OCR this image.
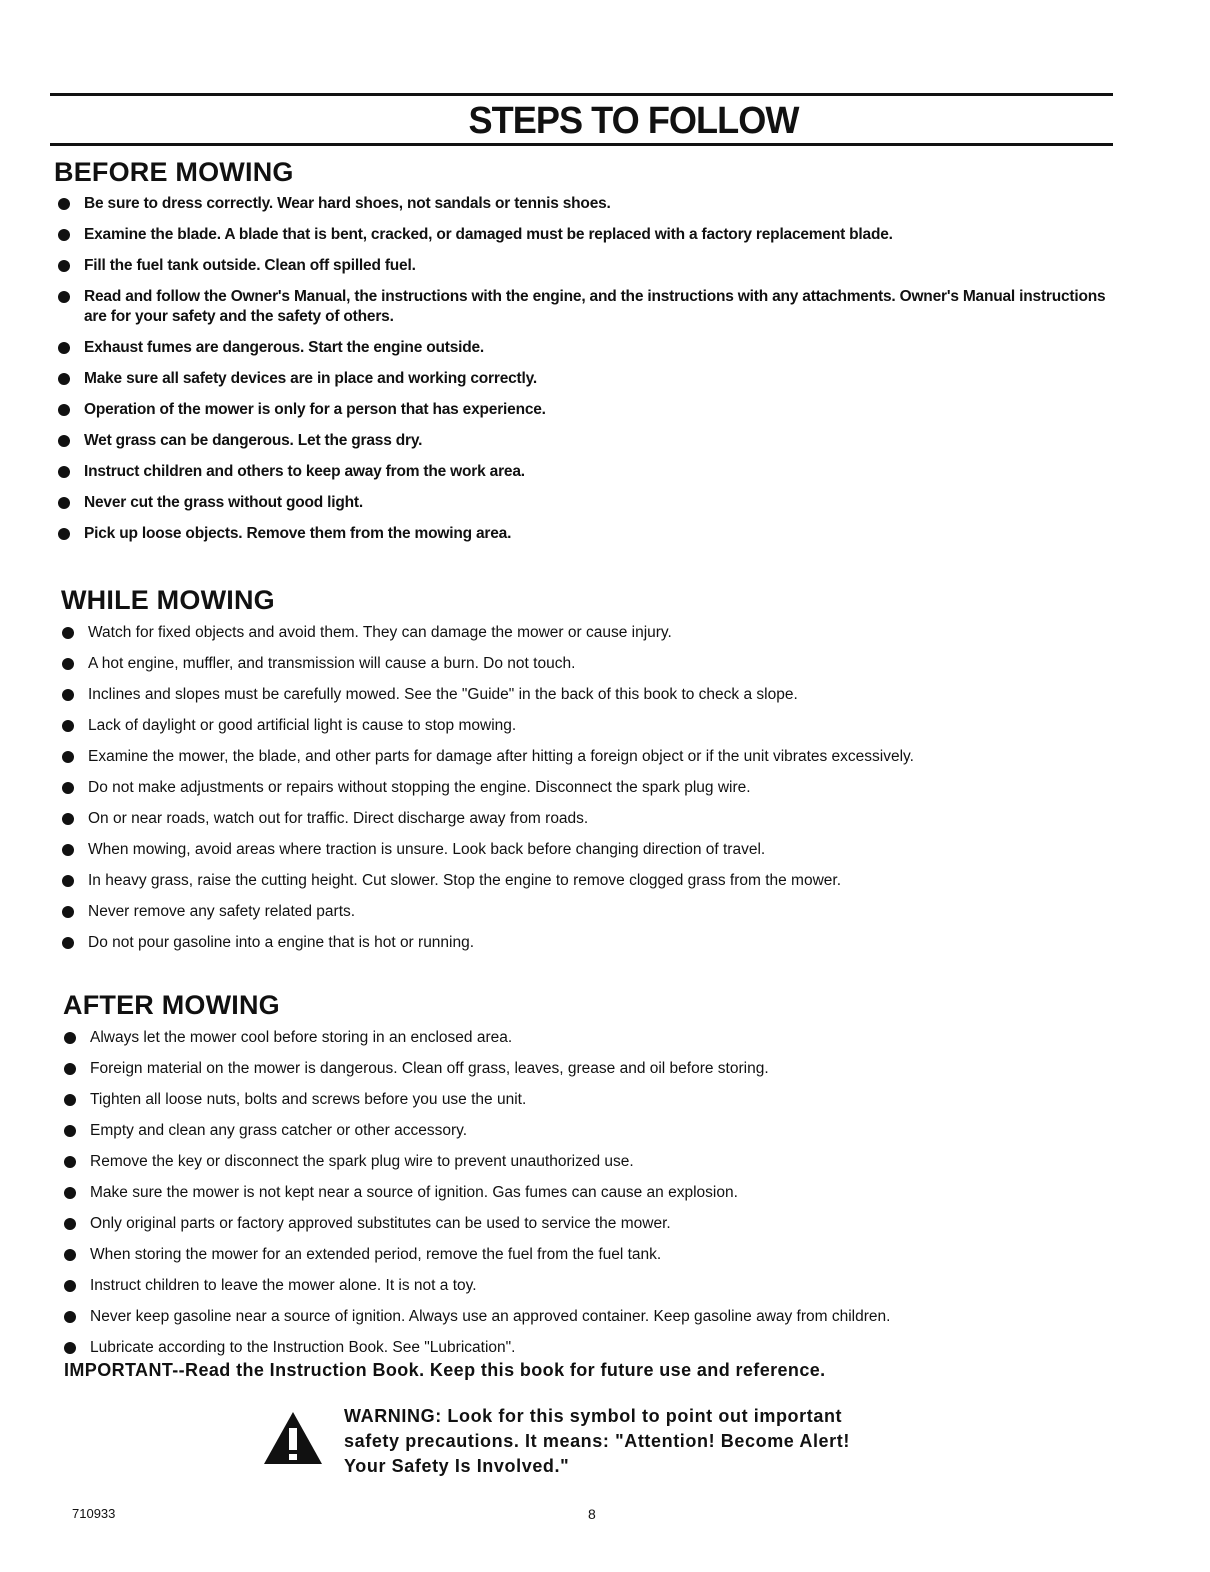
STEPS TO FOLLOW
BEFORE MOWING
Be sure to dress correctly. Wear hard shoes, not sandals or tennis shoes.
Examine the blade. A blade that is bent, cracked, or damaged must be replaced with a factory replacement blade.
Fill the fuel tank outside. Clean off spilled fuel.
Read and follow the Owner's Manual, the instructions with the engine, and the instructions with any attachments. Owner's Manual instructions are for your safety and the safety of others.
Exhaust fumes are dangerous. Start the engine outside.
Make sure all safety devices are in place and working correctly.
Operation of the mower is only for a person that has experience.
Wet grass can be dangerous. Let the grass dry.
Instruct children and others to keep away from the work area.
Never cut the grass without good light.
Pick up loose objects. Remove them from the mowing area.
WHILE MOWING
Watch for fixed objects and avoid them. They can damage the mower or cause injury.
A hot engine, muffler, and transmission will cause a burn. Do not touch.
Inclines and slopes must be carefully mowed. See the "Guide" in the back of this book to check a slope.
Lack of daylight or good artificial light is cause to stop mowing.
Examine the mower, the blade, and other parts for damage after hitting a foreign object or if the unit vibrates excessively.
Do not make adjustments or repairs without stopping the engine. Disconnect the spark plug wire.
On or near roads, watch out for traffic. Direct discharge away from roads.
When mowing, avoid areas where traction is unsure. Look back before changing direction of travel.
In heavy grass, raise the cutting height. Cut slower. Stop the engine to remove clogged grass from the mower.
Never remove any safety related parts.
Do not pour gasoline into a engine that is hot or running.
AFTER MOWING
Always let the mower cool before storing in an enclosed area.
Foreign material on the mower is dangerous. Clean off grass, leaves, grease and oil before storing.
Tighten all loose nuts, bolts and screws before you use the unit.
Empty and clean any grass catcher or other accessory.
Remove the key or disconnect the spark plug wire to prevent unauthorized use.
Make sure the mower is not kept near a source of ignition. Gas fumes can cause an explosion.
Only original parts or factory approved substitutes can be used to service the mower.
When storing the mower for an extended period, remove the fuel from the fuel tank.
Instruct children to leave the mower alone. It is not a toy.
Never keep gasoline near a source of ignition. Always use an approved container. Keep gasoline away from children.
Lubricate according to the Instruction Book. See "Lubrication".

IMPORTANT--Read the Instruction Book. Keep this book for future use and reference.

WARNING: Look for this symbol to point out important
safety precautions. It means: "Attention! Become Alert!
Your Safety Is Involved."

710933	8
